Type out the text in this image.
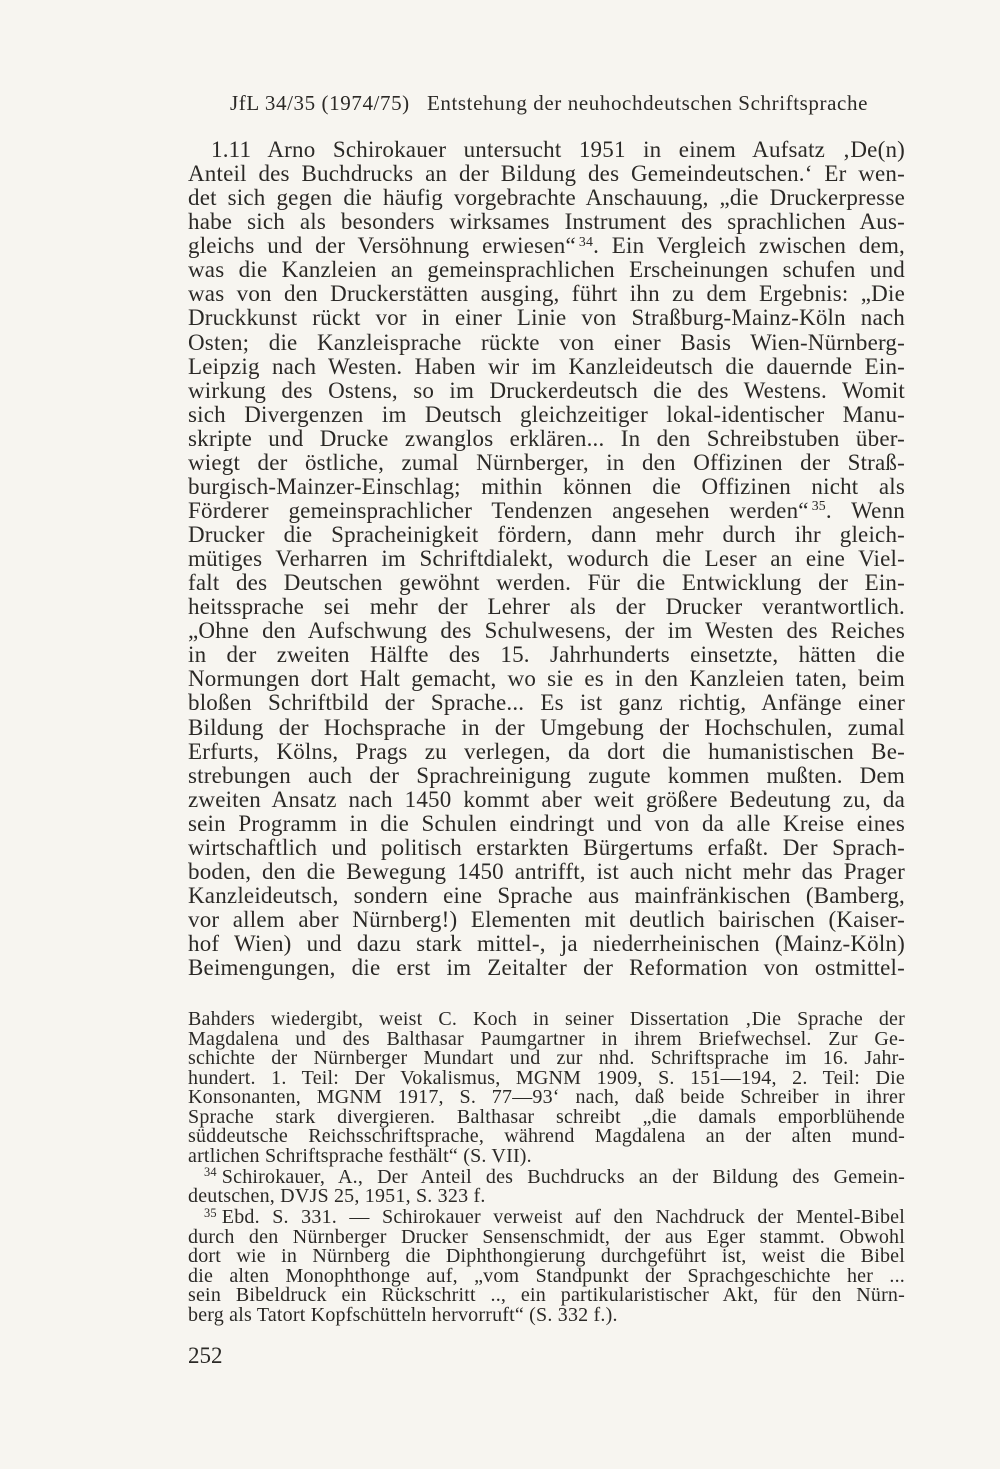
JfL 34/35 (1974/75) Entstehung der neuhochdeutschen Schriftsprache
1.11 Arno Schirokauer untersucht 1951 in einem Aufsatz ‚De(n)
Anteil des Buchdrucks an der Bildung des Gemeindeutschen.‘ Er wen-
det sich gegen die häufig vorgebrachte Anschauung, „die Druckerpresse
habe sich als besonders wirksames Instrument des sprachlichen Aus-
gleichs und der Versöhnung erwiesen“ $^{34}$. Ein Vergleich zwischen dem,
was die Kanzleien an gemeinsprachlichen Erscheinungen schufen und
was von den Druckerstätten ausging, führt ihn zu dem Ergebnis: „Die
Druckkunst rückt vor in einer Linie von Straßburg-Mainz-Köln nach
Osten; die Kanzleisprache rückte von einer Basis Wien-Nürnberg-
Leipzig nach Westen. Haben wir im Kanzleideutsch die dauernde Ein-
wirkung des Ostens, so im Druckerdeutsch die des Westens. Womit
sich Divergenzen im Deutsch gleichzeitiger lokal-identischer Manu-
skripte und Drucke zwanglos erklären... In den Schreibstuben über-
wiegt der östliche, zumal Nürnberger, in den Offizinen der Straß-
burgisch-Mainzer-Einschlag; mithin können die Offizinen nicht als
Förderer gemeinsprachlicher Tendenzen angesehen werden“ $^{35}$. Wenn
Drucker die Spracheinigkeit fördern, dann mehr durch ihr gleich-
mütiges Verharren im Schriftdialekt, wodurch die Leser an eine Viel-
falt des Deutschen gewöhnt werden. Für die Entwicklung der Ein-
heitssprache sei mehr der Lehrer als der Drucker verantwortlich.
„Ohne den Aufschwung des Schulwesens, der im Westen des Reiches
in der zweiten Hälfte des 15. Jahrhunderts einsetzte, hätten die
Normungen dort Halt gemacht, wo sie es in den Kanzleien taten, beim
bloßen Schriftbild der Sprache... Es ist ganz richtig, Anfänge einer
Bildung der Hochsprache in der Umgebung der Hochschulen, zumal
Erfurts, Kölns, Prags zu verlegen, da dort die humanistischen Be-
strebungen auch der Sprachreinigung zugute kommen mußten. Dem
zweiten Ansatz nach 1450 kommt aber weit größere Bedeutung zu, da
sein Programm in die Schulen eindringt und von da alle Kreise eines
wirtschaftlich und politisch erstarkten Bürgertums erfaßt. Der Sprach-
boden, den die Bewegung 1450 antrifft, ist auch nicht mehr das Prager
Kanzleideutsch, sondern eine Sprache aus mainfränkischen (Bamberg,
vor allem aber Nürnberg!) Elementen mit deutlich bairischen (Kaiser-
hof Wien) und dazu stark mittel-, ja niederrheinischen (Mainz-Köln)
Beimengungen, die erst im Zeitalter der Reformation von ostmittel-
Bahders wiedergibt, weist C. Koch in seiner Dissertation ‚Die Sprache der
Magdalena und des Balthasar Paumgartner in ihrem Briefwechsel. Zur Ge-
schichte der Nürnberger Mundart und zur nhd. Schriftsprache im 16. Jahr-
hundert. 1. Teil: Der Vokalismus, MGNM 1909, S. 151—194, 2. Teil: Die
Konsonanten, MGNM 1917, S. 77—93‘ nach, daß beide Schreiber in ihrer
Sprache stark divergieren. Balthasar schreibt „die damals emporblühende
süddeutsche Reichsschriftsprache, während Magdalena an der alten mund-
artlichen Schriftsprache festhält“ (S. VII).
$^{34}$ Schirokauer, A., Der Anteil des Buchdrucks an der Bildung des Gemein-
deutschen, DVJS 25, 1951, S. 323 f.
$^{35}$ Ebd. S. 331. — Schirokauer verweist auf den Nachdruck der Mentel-Bibel
durch den Nürnberger Drucker Sensenschmidt, der aus Eger stammt. Obwohl
dort wie in Nürnberg die Diphthongierung durchgeführt ist, weist die Bibel
die alten Monophthonge auf, „vom Standpunkt der Sprachgeschichte her ...
sein Bibeldruck ein Rückschritt .., ein partikularistischer Akt, für den Nürn-
berg als Tatort Kopfschütteln hervorruft“ (S. 332 f.).
252
